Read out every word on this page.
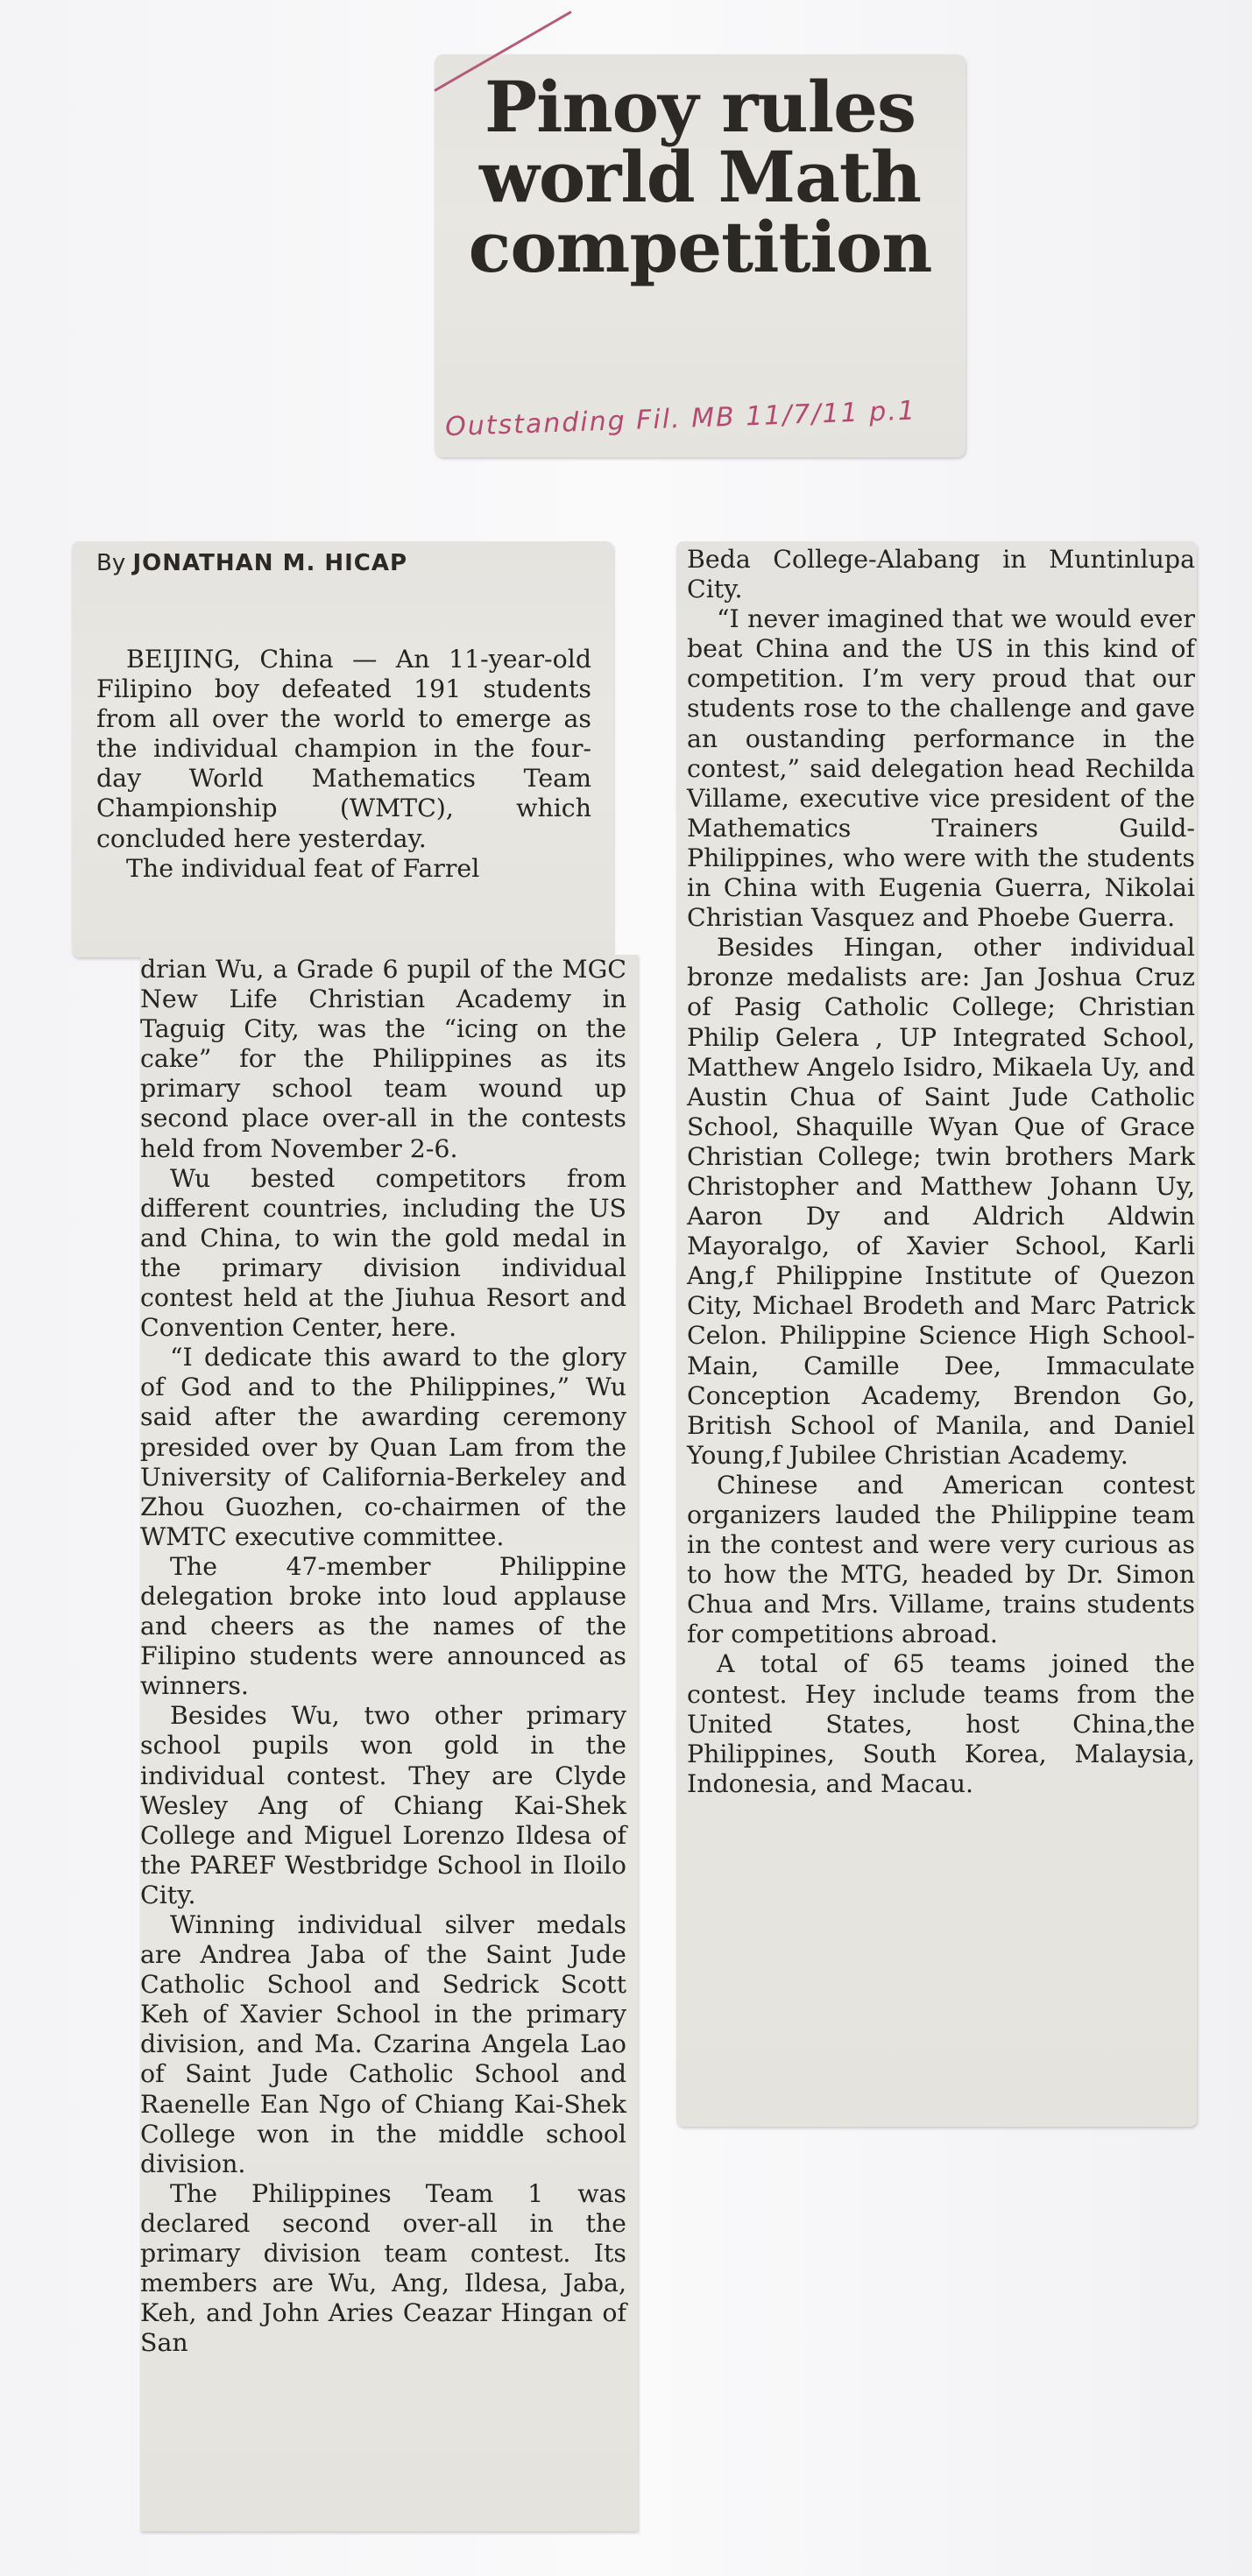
Pinoy rules
world Math
competition
Outstanding Fil. MB 11/7/11 p.1
By JONATHAN M. HICAP

BEIJING, China — An 11-year-old Filipino boy defeated 191 students from all over the world to emerge as the individual champion in the four-day World Mathematics Team Championship (WMTC), which concluded here yesterday.

The individual feat of Farrel

drian Wu, a Grade 6 pupil of the MGC New Life Christian Academy in Taguig City, was the “icing on the cake” for the Philippines as its primary school team wound up second place over-all in the contests held from November 2-6.

Wu bested competitors from different countries, including the US and China, to win the gold medal in the primary division individual contest held at the Jiuhua Resort and Convention Center, here.

“I dedicate this award to the glory of God and to the Philippines,” Wu said after the awarding ceremony presided over by Quan Lam from the University of California-Berkeley and Zhou Guozhen, co-chairmen of the WMTC executive committee.

The 47-member Philippine delegation broke into loud applause and cheers as the names of the Filipino students were announced as winners.

Besides Wu, two other primary school pupils won gold in the individual contest. They are Clyde Wesley Ang of Chiang Kai-Shek College and Miguel Lorenzo Ildesa of the PAREF Westbridge School in Iloilo City.

Winning individual silver medals are Andrea Jaba of the Saint Jude Catholic School and Sedrick Scott Keh of Xavier School in the primary division, and Ma. Czarina Angela Lao of Saint Jude Catholic School and Raenelle Ean Ngo of Chiang Kai-Shek College won in the middle school division.

The Philippines Team 1 was declared second over-all in the primary division team contest. Its members are Wu, Ang, Ildesa, Jaba, Keh, and John Aries Ceazar Hingan of San

Beda College-Alabang in Muntinlupa City.

“I never imagined that we would ever beat China and the US in this kind of competition. I’m very proud that our students rose to the challenge and gave an oustanding performance in the contest,” said delegation head Rechilda Villame, executive vice president of the Mathematics Trainers Guild-Philippines, who were with the students in China with Eugenia Guerra, Nikolai Christian Vasquez and Phoebe Guerra.

Besides Hingan, other individual bronze medalists are: Jan Joshua Cruz of Pasig Catholic College; Christian Philip Gelera , UP Integrated School, Matthew Angelo Isidro, Mikaela Uy, and Austin Chua of Saint Jude Catholic School, Shaquille Wyan Que of Grace Christian College; twin brothers Mark Christopher and Matthew Johann Uy, Aaron Dy and Aldrich Aldwin Mayoralgo, of Xavier School, Karli Ang,f Philippine Institute of Quezon City, Michael Brodeth and Marc Patrick Celon. Philippine Science High School-Main, Camille Dee, Immaculate Conception Academy, Brendon Go, British School of Manila, and Daniel Young,f Jubilee Christian Academy.

Chinese and American contest organizers lauded the Philippine team in the contest and were very curious as to how the MTG, headed by Dr. Simon Chua and Mrs. Villame, trains students for competitions abroad.

A total of 65 teams joined the contest. Hey include teams from the United States, host China,the Philippines, South Korea, Malaysia, Indonesia, and Macau.
